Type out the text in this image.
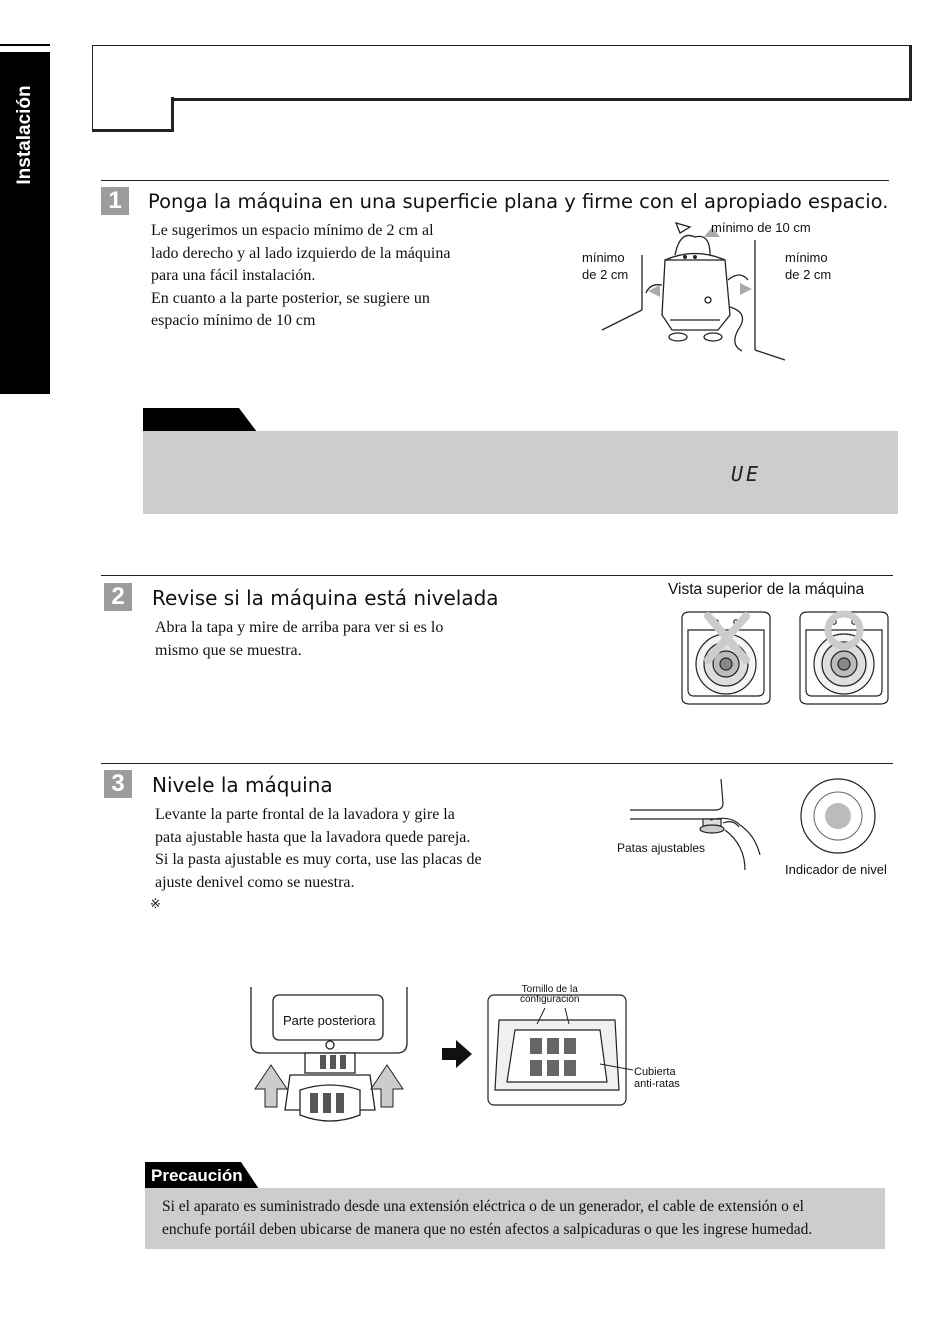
Instalación
1	Ponga la máquina en una superficie plana y firme con el apropiado espacio.
Le sugerimos un espacio mínimo de 2 cm al
lado derecho y al lado izquierdo de la máquina
para una fácil instalación.
En cuanto a la parte posterior, se sugiere un
espacio mínimo de 10 cm
mínimo de 10 cm
mínimo
de 2 cm
mínimo
de 2 cm
UE
2	Revise si la máquina está nivelada
Abra la tapa y mire de arriba para ver si es lo
mismo que se muestra.
Vista superior de la máquina
3	Nivele la máquina
Levante la parte frontal de la lavadora y gire la
pata ajustable hasta que la lavadora quede pareja.
Si la pasta ajustable es muy corta, use las placas de
ajuste denivel como se nuestra.
※
Patas ajustables
Indicador de nivel
Parte posteriora
Tornillo de la
configuración
Cubierta
anti-ratas
Precaución
Si el aparato es suministrado desde una extensión eléctrica o de un generador, el cable de extensión o el
enchufe portáil deben ubicarse de manera que no estén afectos a salpicaduras o que les ingrese humedad.
